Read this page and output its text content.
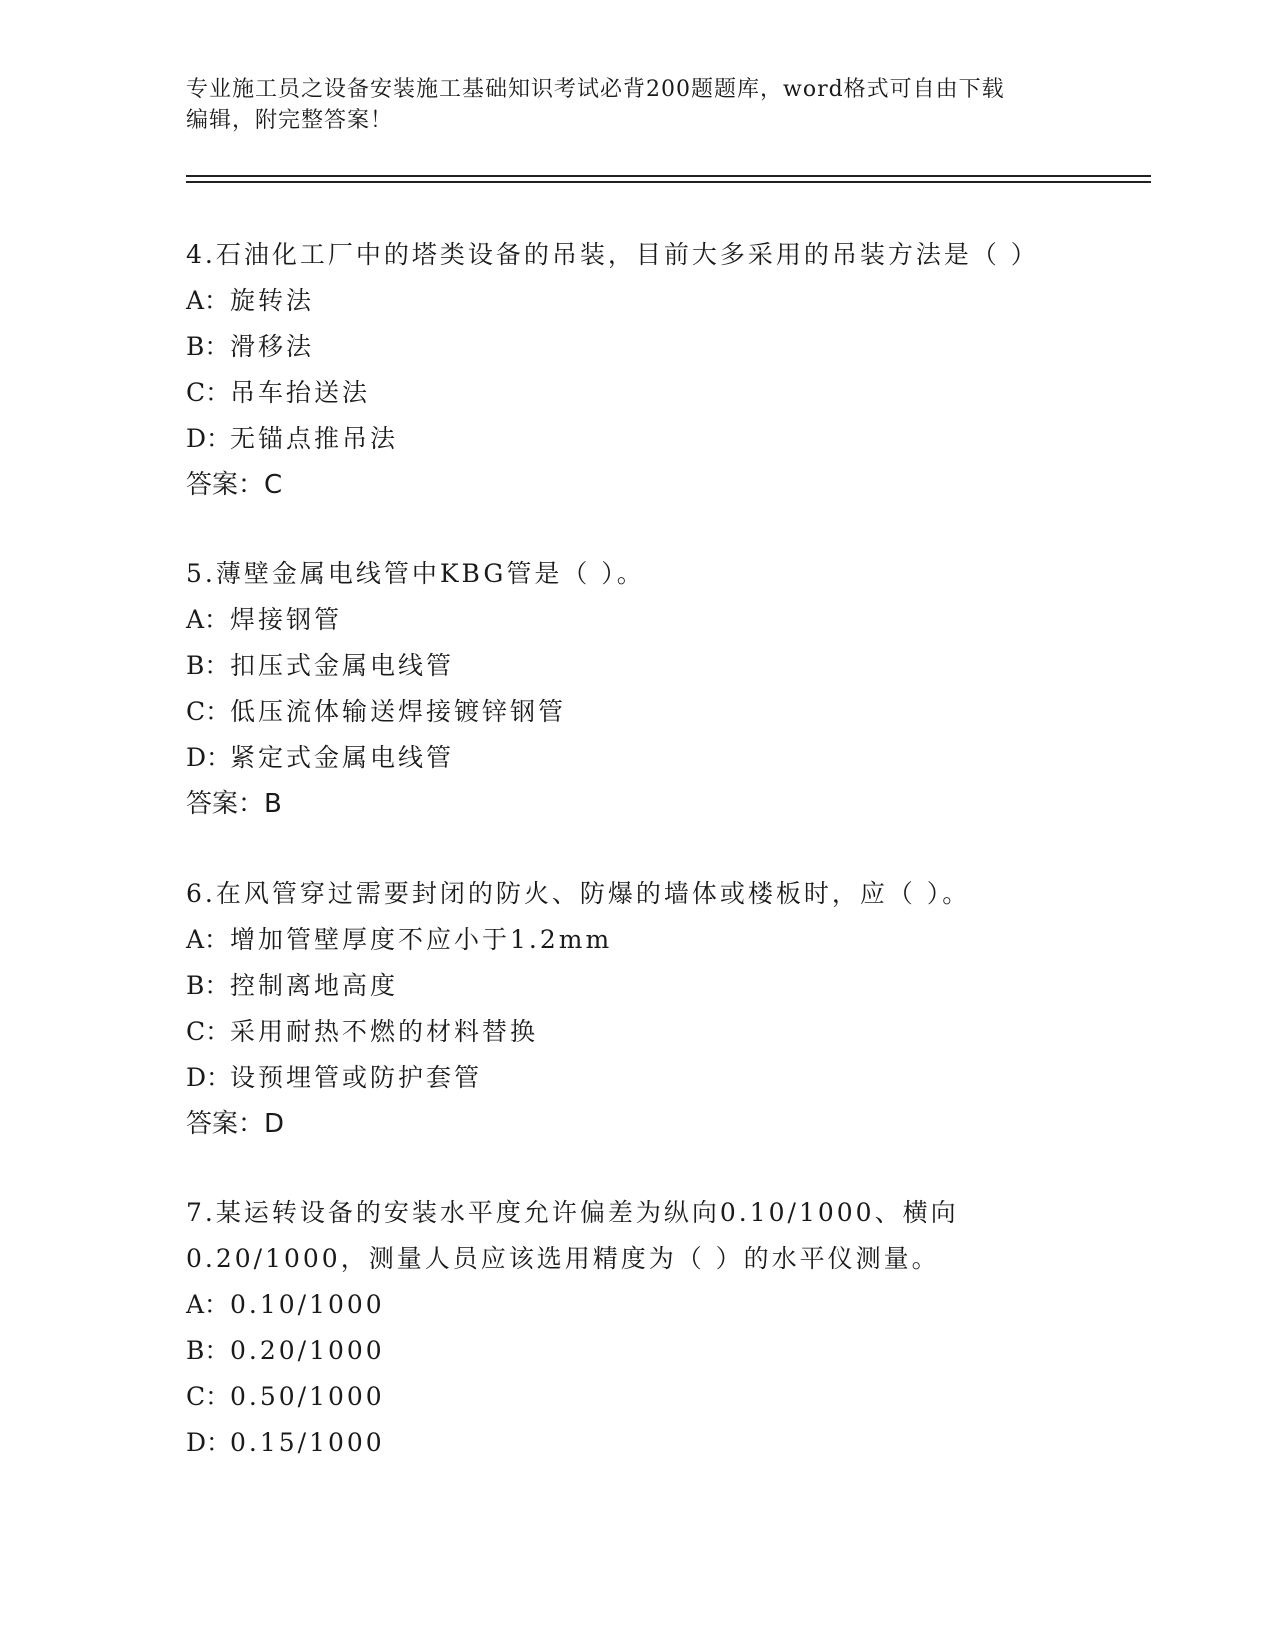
专业施工员之设备安装施工基础知识考试必背200题题库，word格式可自由下载
编辑，附完整答案！
4.石油化工厂中的塔类设备的吊装，目前大多采用的吊装方法是（ ）
A：旋转法
B：滑移法
C：吊车抬送法
D：无锚点推吊法
答案：C
5.薄壁金属电线管中KBG管是（ ）。
A：焊接钢管
B：扣压式金属电线管
C：低压流体输送焊接镀锌钢管
D：紧定式金属电线管
答案：B
6.在风管穿过需要封闭的防火、防爆的墙体或楼板时，应（ ）。
A：增加管壁厚度不应小于1.2mm
B：控制离地高度
C：采用耐热不燃的材料替换
D：设预埋管或防护套管
答案：D
7.某运转设备的安装水平度允许偏差为纵向0.10/1000、横向
0.20/1000，测量人员应该选用精度为（ ）的水平仪测量。
A：0.10/1000
B：0.20/1000
C：0.50/1000
D：0.15/1000
